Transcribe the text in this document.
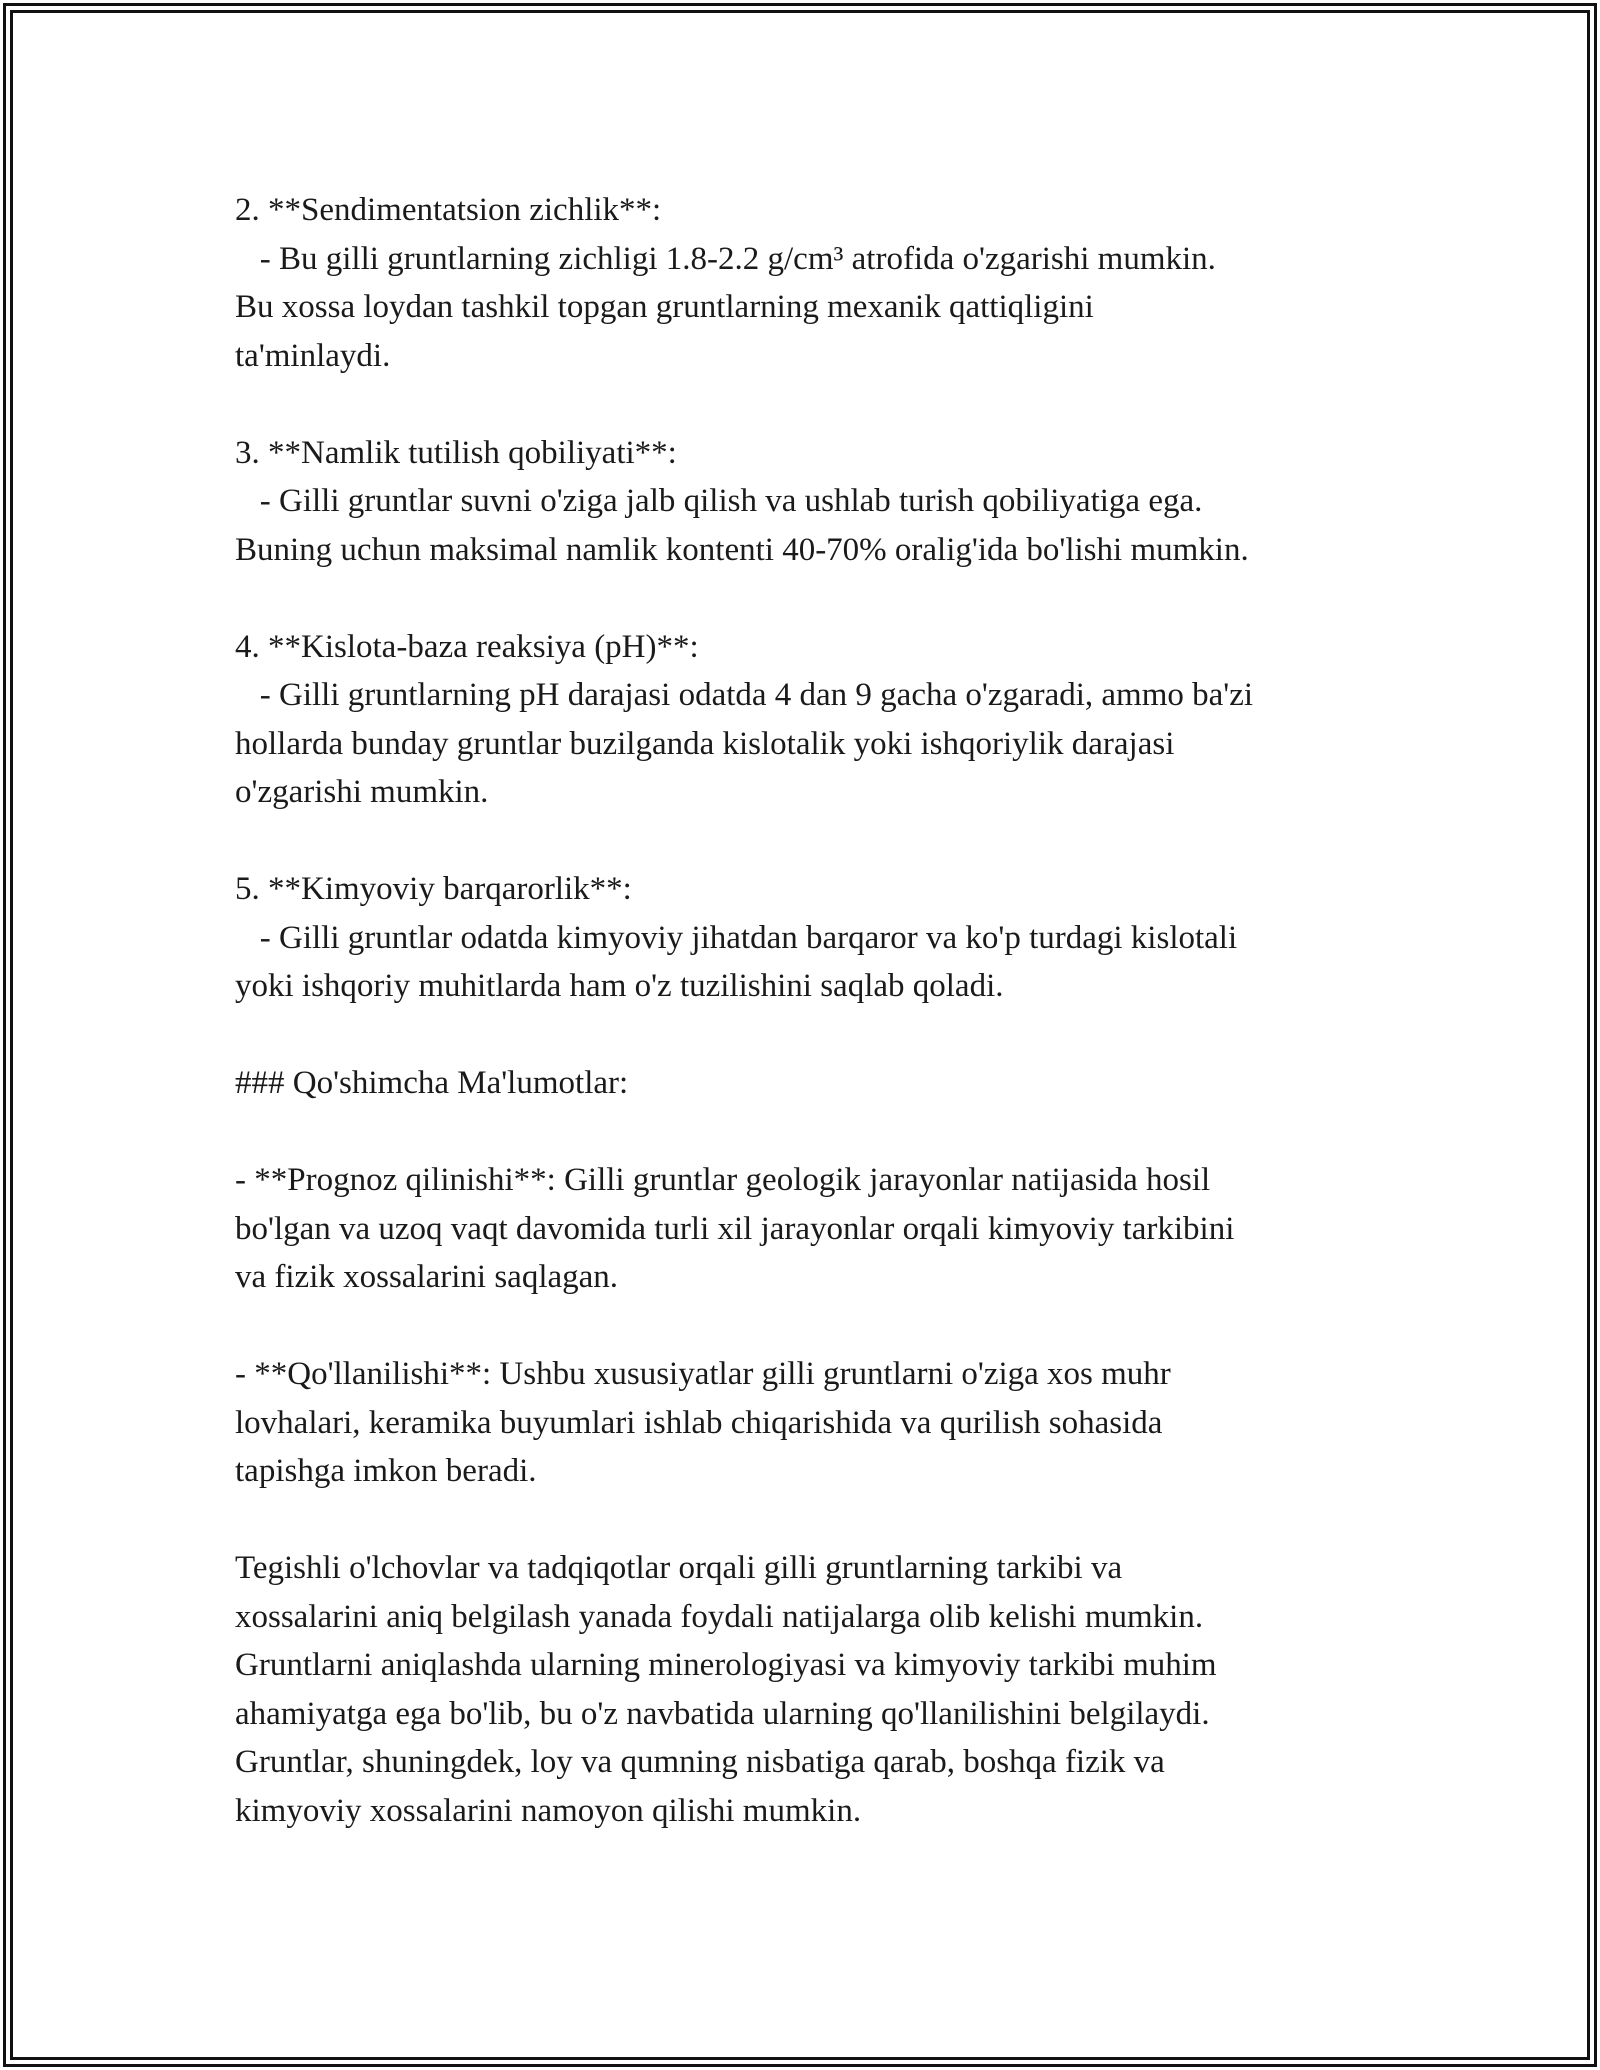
2. **Sendimentatsion zichlik**:
- Bu gilli gruntlarning zichligi 1.8-2.2 g/cm³ atrofida o'zgarishi mumkin.
Bu xossa loydan tashkil topgan gruntlarning mexanik qattiqligini
ta'minlaydi.
3. **Namlik tutilish qobiliyati**:
- Gilli gruntlar suvni o'ziga jalb qilish va ushlab turish qobiliyatiga ega.
Buning uchun maksimal namlik kontenti 40-70% oralig'ida bo'lishi mumkin.
4. **Kislota-baza reaksiya (pH)**:
- Gilli gruntlarning pH darajasi odatda 4 dan 9 gacha o'zgaradi, ammo ba'zi
hollarda bunday gruntlar buzilganda kislotalik yoki ishqoriylik darajasi
o'zgarishi mumkin.
5. **Kimyoviy barqarorlik**:
- Gilli gruntlar odatda kimyoviy jihatdan barqaror va ko'p turdagi kislotali
yoki ishqoriy muhitlarda ham o'z tuzilishini saqlab qoladi.
### Qo'shimcha Ma'lumotlar:
- **Prognoz qilinishi**: Gilli gruntlar geologik jarayonlar natijasida hosil
bo'lgan va uzoq vaqt davomida turli xil jarayonlar orqali kimyoviy tarkibini
va fizik xossalarini saqlagan.
- **Qo'llanilishi**: Ushbu xususiyatlar gilli gruntlarni o'ziga xos muhr
lovhalari, keramika buyumlari ishlab chiqarishida va qurilish sohasida
tapishga imkon beradi.
Tegishli o'lchovlar va tadqiqotlar orqali gilli gruntlarning tarkibi va
xossalarini aniq belgilash yanada foydali natijalarga olib kelishi mumkin.
Gruntlarni aniqlashda ularning minerologiyasi va kimyoviy tarkibi muhim
ahamiyatga ega bo'lib, bu o'z navbatida ularning qo'llanilishini belgilaydi.
Gruntlar, shuningdek, loy va qumning nisbatiga qarab, boshqa fizik va
kimyoviy xossalarini namoyon qilishi mumkin.
